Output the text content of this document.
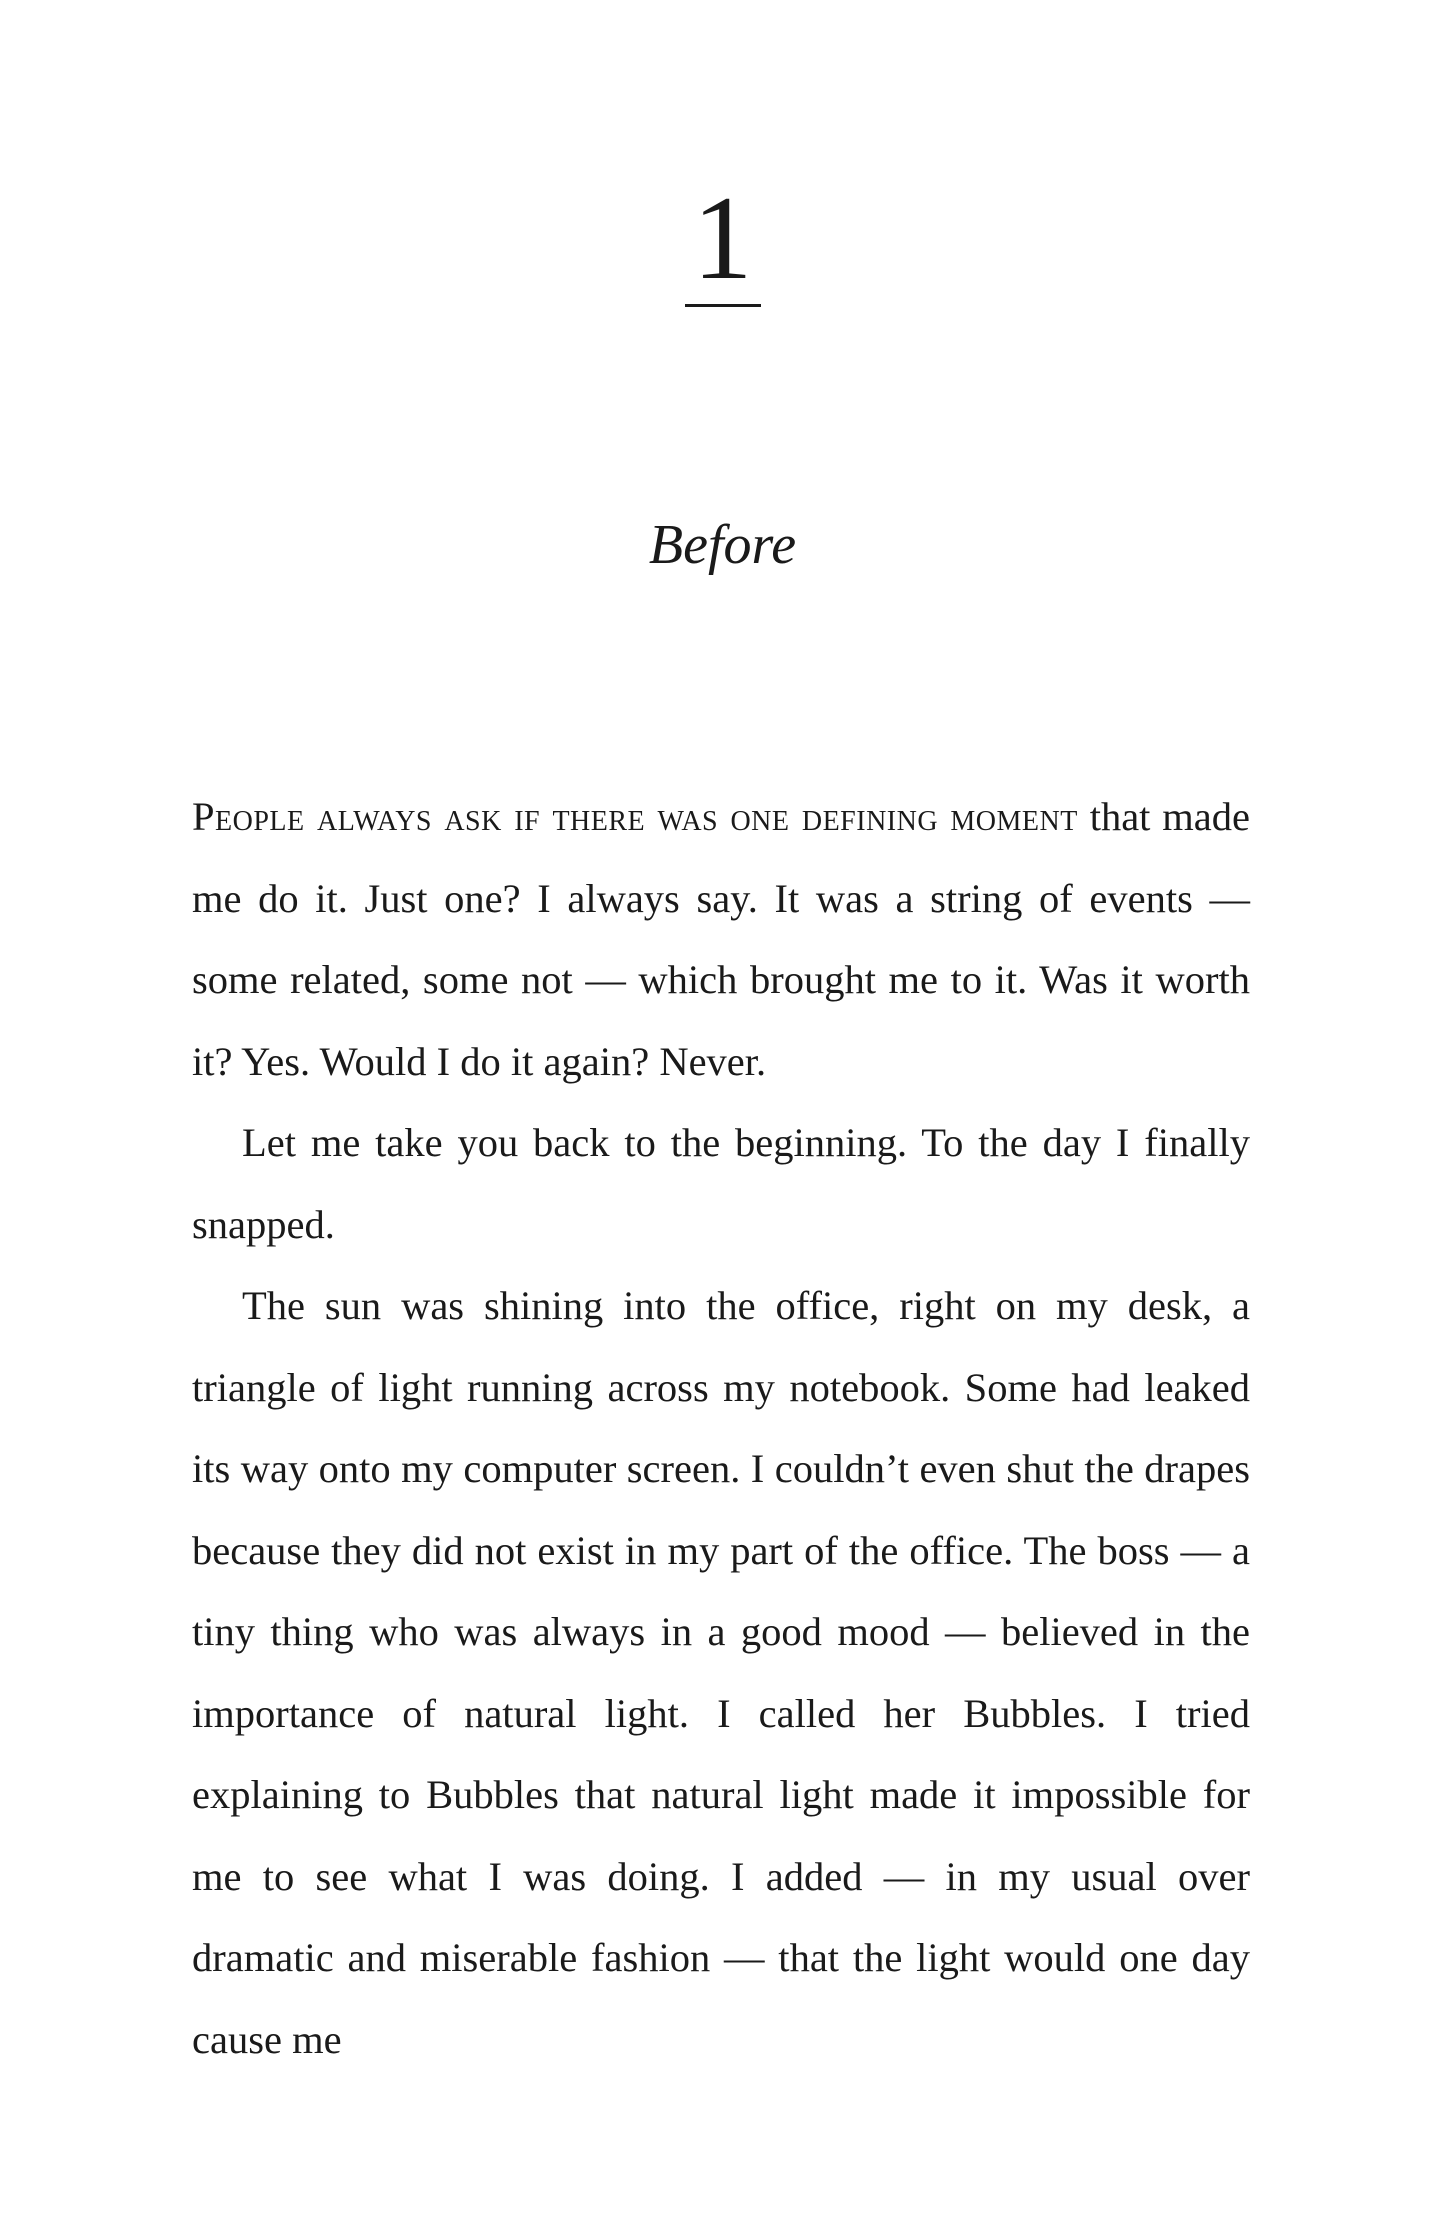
1
Before

People always ask if there was one defining moment that made me do it. Just one? I always say. It was a string of events — some related, some not — which brought me to it. Was it worth it? Yes. Would I do it again? Never.

Let me take you back to the beginning. To the day I finally snapped.

The sun was shining into the office, right on my desk, a triangle of light running across my notebook. Some had leaked its way onto my computer screen. I couldn’t even shut the drapes because they did not exist in my part of the office. The boss — a tiny thing who was always in a good mood — believed in the importance of natural light. I called her Bubbles. I tried explaining to Bubbles that natural light made it impossible for me to see what I was doing. I added — in my usual over dramatic and miserable fashion — that the light would one day cause me
